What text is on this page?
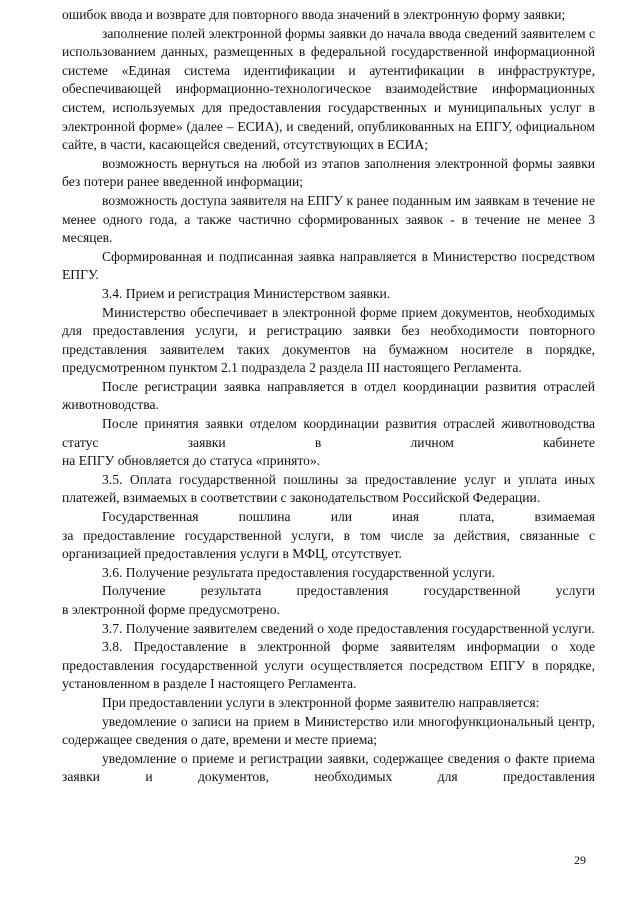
ошибок ввода и возврате для повторного ввода значений в электронную форму заявки;

заполнение полей электронной формы заявки до начала ввода сведений заявителем с использованием данных, размещенных в федеральной государственной информационной системе «Единая система идентификации и аутентификации в инфраструктуре, обеспечивающей информационно-технологическое взаимодействие информационных систем, используемых для предоставления государственных и муниципальных услуг в электронной форме» (далее – ЕСИА), и сведений, опубликованных на ЕПГУ, официальном сайте, в части, касающейся сведений, отсутствующих в ЕСИА;

возможность вернуться на любой из этапов заполнения электронной формы заявки без потери ранее введенной информации;

возможность доступа заявителя на ЕПГУ к ранее поданным им заявкам в течение не менее одного года, а также частично сформированных заявок - в течение не менее 3 месяцев.

Сформированная и подписанная заявка направляется в Министерство посредством ЕПГУ.

3.4. Прием и регистрация Министерством заявки.

Министерство обеспечивает в электронной форме прием документов, необходимых для предоставления услуги, и регистрацию заявки без необходимости повторного представления заявителем таких документов на бумажном носителе в порядке, предусмотренном пунктом 2.1 подраздела 2 раздела III настоящего Регламента.

После регистрации заявка направляется в отдел координации развития отраслей животноводства.

После принятия заявки отделом координации развития отраслей животноводства статус заявки в личном кабинете

на ЕПГУ обновляется до статуса «принято».

3.5. Оплата государственной пошлины за предоставление услуг и уплата иных платежей, взимаемых в соответствии с законодательством Российской Федерации.

Государственная пошлина или иная плата, взимаемая

за предоставление государственной услуги, в том числе за действия, связанные с организацией предоставления услуги в МФЦ, отсутствует.

3.6. Получение результата предоставления государственной услуги.

Получение результата предоставления государственной услуги

в электронной форме предусмотрено.

3.7. Получение заявителем сведений о ходе предоставления государственной услуги.

3.8. Предоставление в электронной форме заявителям информации о ходе предоставления государственной услуги осуществляется посредством ЕПГУ в порядке, установленном в разделе I настоящего Регламента.

При предоставлении услуги в электронной форме заявителю направляется:

уведомление о записи на прием в Министерство или многофункциональный центр, содержащее сведения о дате, времени и месте приема;

уведомление о приеме и регистрации заявки, содержащее сведения о факте приема заявки и документов, необходимых для предоставления

29
